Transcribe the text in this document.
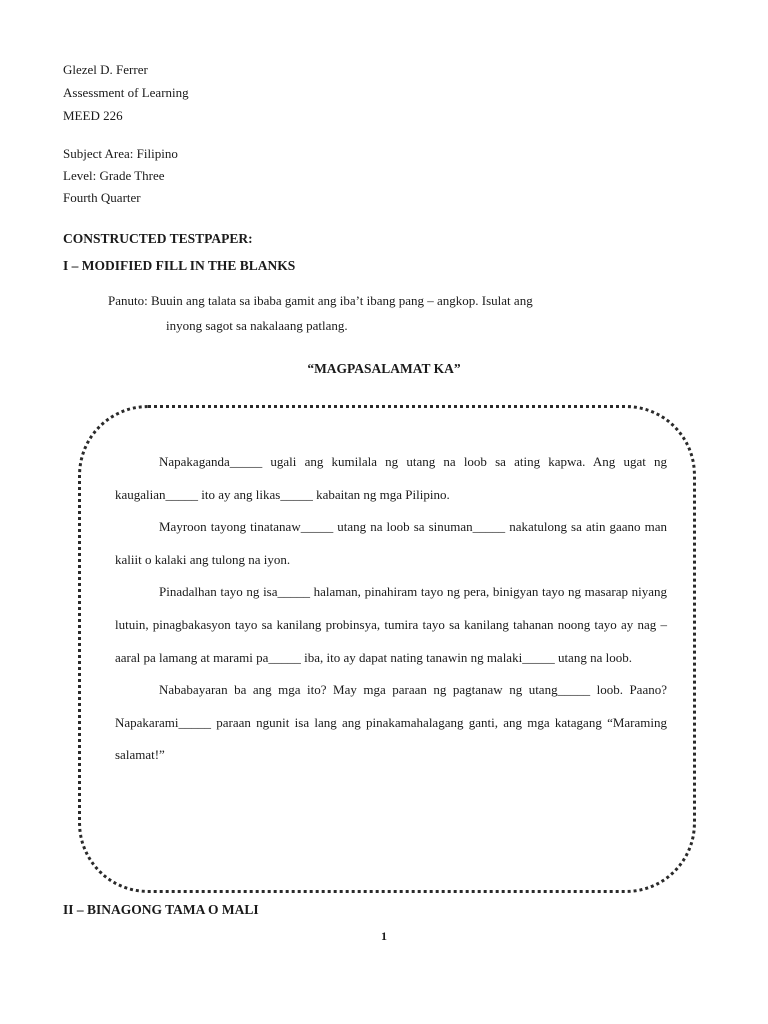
Glezel D. Ferrer
Assessment of Learning
MEED 226
Subject Area: Filipino
Level: Grade Three
Fourth Quarter
CONSTRUCTED TESTPAPER:
I – MODIFIED FILL IN THE BLANKS
Panuto: Buuin ang talata sa ibaba gamit ang iba’t ibang pang – angkop. Isulat ang
inyong sagot sa nakalaang patlang.
“MAGPASALAMAT KA”

Napakaganda_____ ugali ang kumilala ng utang na loob sa ating kapwa. Ang ugat ng kaugalian_____ ito ay ang likas_____ kabaitan ng mga Pilipino.

Mayroon tayong tinatanaw_____ utang na loob sa sinuman_____ nakatulong sa atin gaano man kaliit o kalaki ang tulong na iyon.

Pinadalhan tayo ng isa_____ halaman, pinahiram tayo ng pera, binigyan tayo ng masarap niyang lutuin, pinagbakasyon tayo sa kanilang probinsya, tumira tayo sa kanilang tahanan noong tayo ay nag – aaral pa lamang at marami pa_____ iba, ito ay dapat nating tanawin ng malaki_____ utang na loob.

Nababayaran ba ang mga ito? May mga paraan ng pagtanaw ng utang_____ loob. Paano? Napakarami_____ paraan ngunit isa lang ang pinakamahalagang ganti, ang mga katagang “Maraming salamat!”

II – BINAGONG TAMA O MALI
1
